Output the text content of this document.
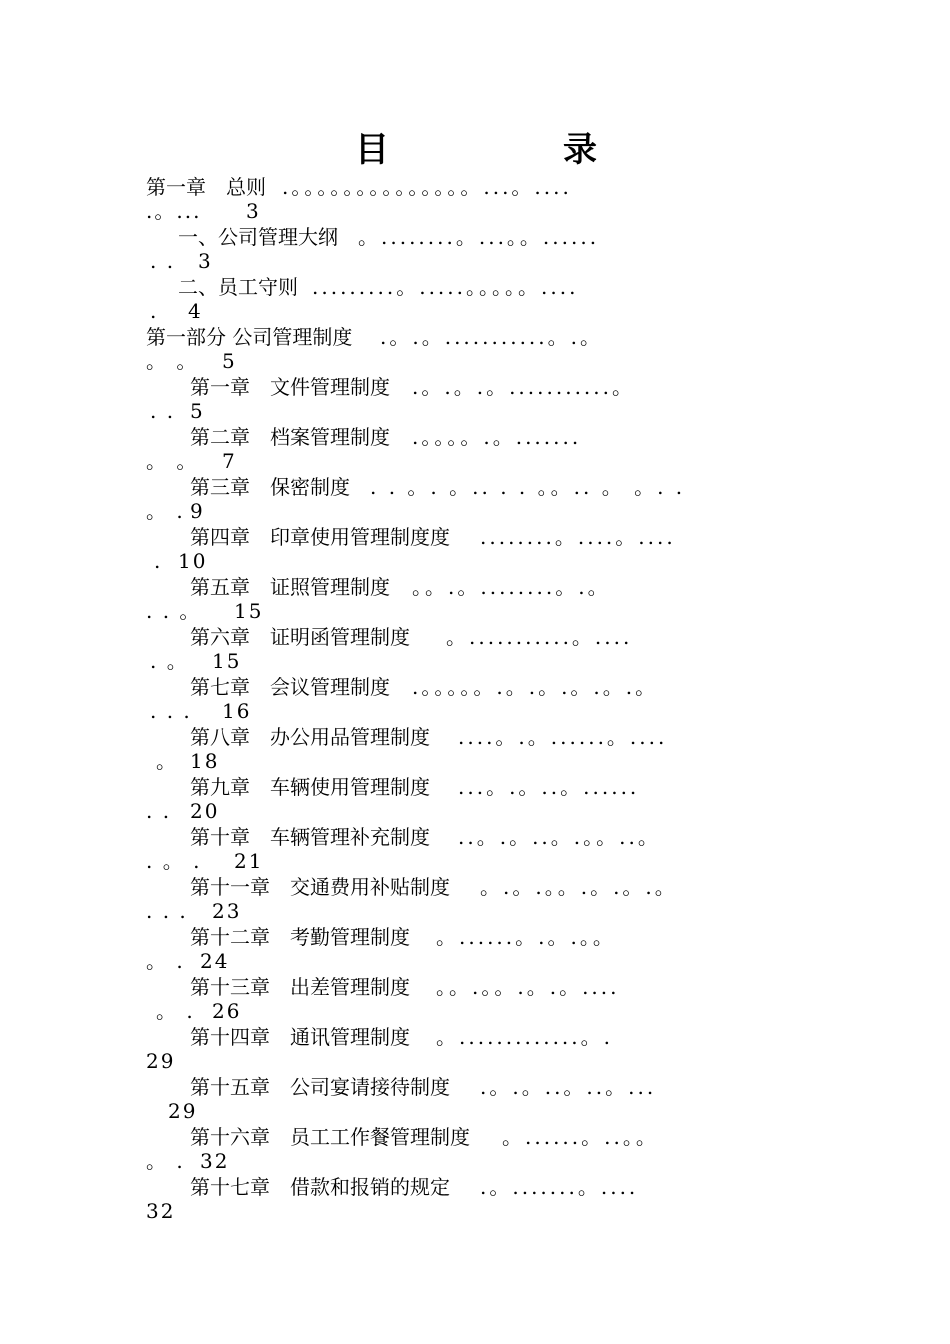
目	录
第一章　总则 .。。。。。。。。。。。。。。...。....
.。... 3
一、公司管理大纲 。........。...。。......
. . 3
二、员工守则 .........。.....。。。。。....
. 4
第一部分 公司管理制度 .。.。...........。.。
。 。 5
第一章　文件管理制度 .。.。.。...........。
. . 5
第二章　档案管理制度 .。。。。.。.......
。 。 7
第三章　保密制度 . . 。. 。.. . . 。。.. 。 。. .
。 . 9
第四章　印章使用管理制度度 ........。....。....
. 10
第五章　证照管理制度 。。.。........。.。
. . 。 15
第六章　证明函管理制度 。...........。....
. 。 15
第七章　会议管理制度 .。。。。。.。.。.。.。.。
. . . 16
第八章　办公用品管理制度 ....。.。......。....
。 18
第九章　车辆使用管理制度 ...。.。..。......
. . 20
第十章　车辆管理补充制度 ..。.。..。.。。..。
. 。 . 21
第十一章　交通费用补贴制度 。.。.。。.。.。.。
. . . 23
第十二章　考勤管理制度 。......。.。.。。
。 . 24
第十三章　出差管理制度 。。.。。.。.。....
。 . 26
第十四章　通讯管理制度 。.............。.
29
第十五章　公司宴请接待制度 .。.。..。..。...
29
第十六章　员工工作餐管理制度 。......。..。。
。 . 32
第十七章　借款和报销的规定 .。.......。....
32
